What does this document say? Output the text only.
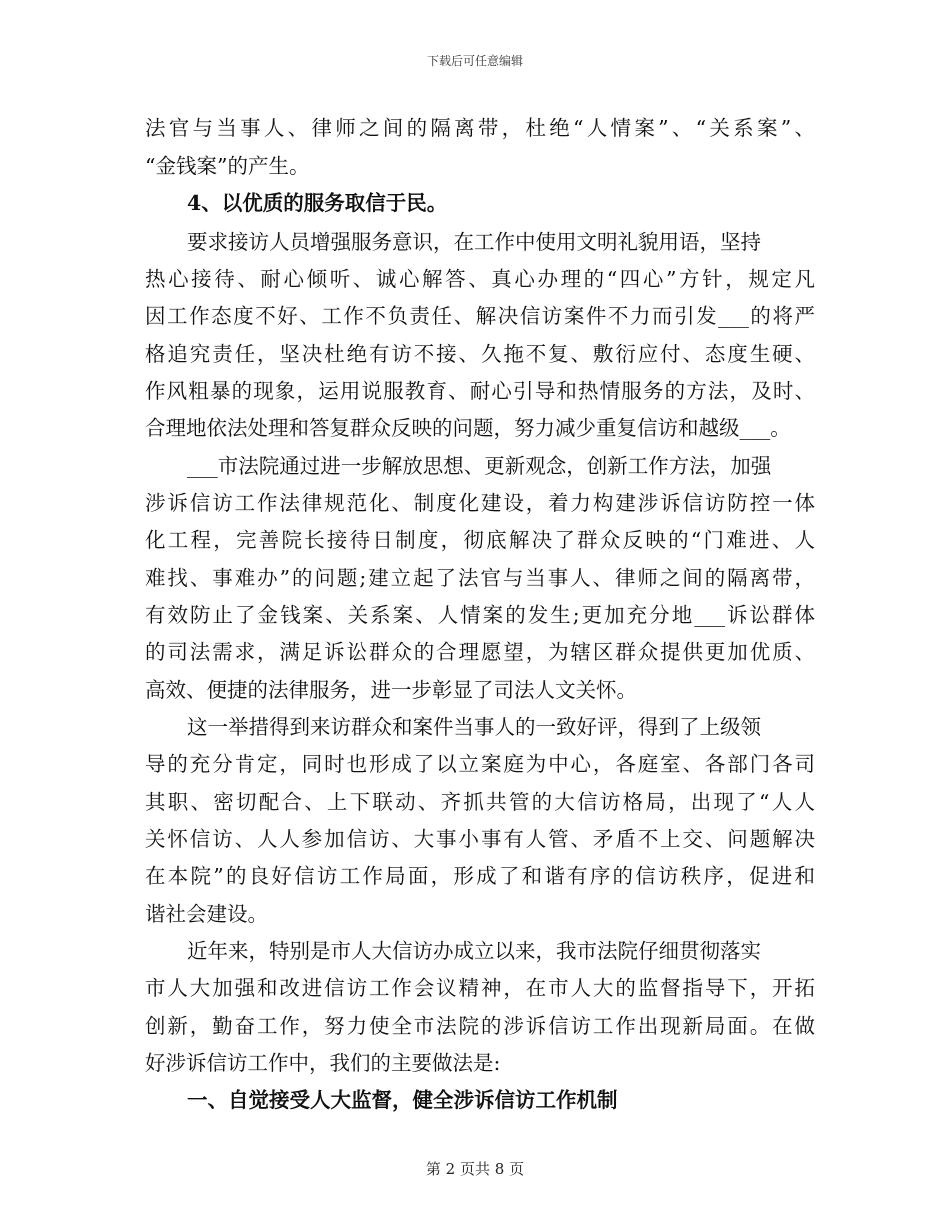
下载后可任意编辑
法官与当事人、律师之间的隔离带，杜绝“人情案”、“关系案”、
“金钱案”的产生。
4、以优质的服务取信于民。
要求接访人员增强服务意识，在工作中使用文明礼貌用语，坚持
热心接待、耐心倾听、诚心解答、真心办理的“四心”方针，规定凡
因工作态度不好、工作不负责任、解决信访案件不力而引发___的将严
格追究责任，坚决杜绝有访不接、久拖不复、敷衍应付、态度生硬、
作风粗暴的现象，运用说服教育、耐心引导和热情服务的方法，及时、
合理地依法处理和答复群众反映的问题，努力减少重复信访和越级___。
___市法院通过进一步解放思想、更新观念，创新工作方法，加强
涉诉信访工作法律规范化、制度化建设，着力构建涉诉信访防控一体
化工程，完善院长接待日制度，彻底解决了群众反映的“门难进、人
难找、事难办”的问题;建立起了法官与当事人、律师之间的隔离带，
有效防止了金钱案、关系案、人情案的发生;更加充分地___诉讼群体
的司法需求，满足诉讼群众的合理愿望，为辖区群众提供更加优质、
高效、便捷的法律服务，进一步彰显了司法人文关怀。
这一举措得到来访群众和案件当事人的一致好评，得到了上级领
导的充分肯定，同时也形成了以立案庭为中心，各庭室、各部门各司
其职、密切配合、上下联动、齐抓共管的大信访格局，出现了“人人
关怀信访、人人参加信访、大事小事有人管、矛盾不上交、问题解决
在本院”的良好信访工作局面，形成了和谐有序的信访秩序，促进和
谐社会建设。
近年来，特别是市人大信访办成立以来，我市法院仔细贯彻落实
市人大加强和改进信访工作会议精神，在市人大的监督指导下，开拓
创新，勤奋工作，努力使全市法院的涉诉信访工作出现新局面。在做
好涉诉信访工作中，我们的主要做法是:
一、自觉接受人大监督，健全涉诉信访工作机制
第 2 页共 8 页
